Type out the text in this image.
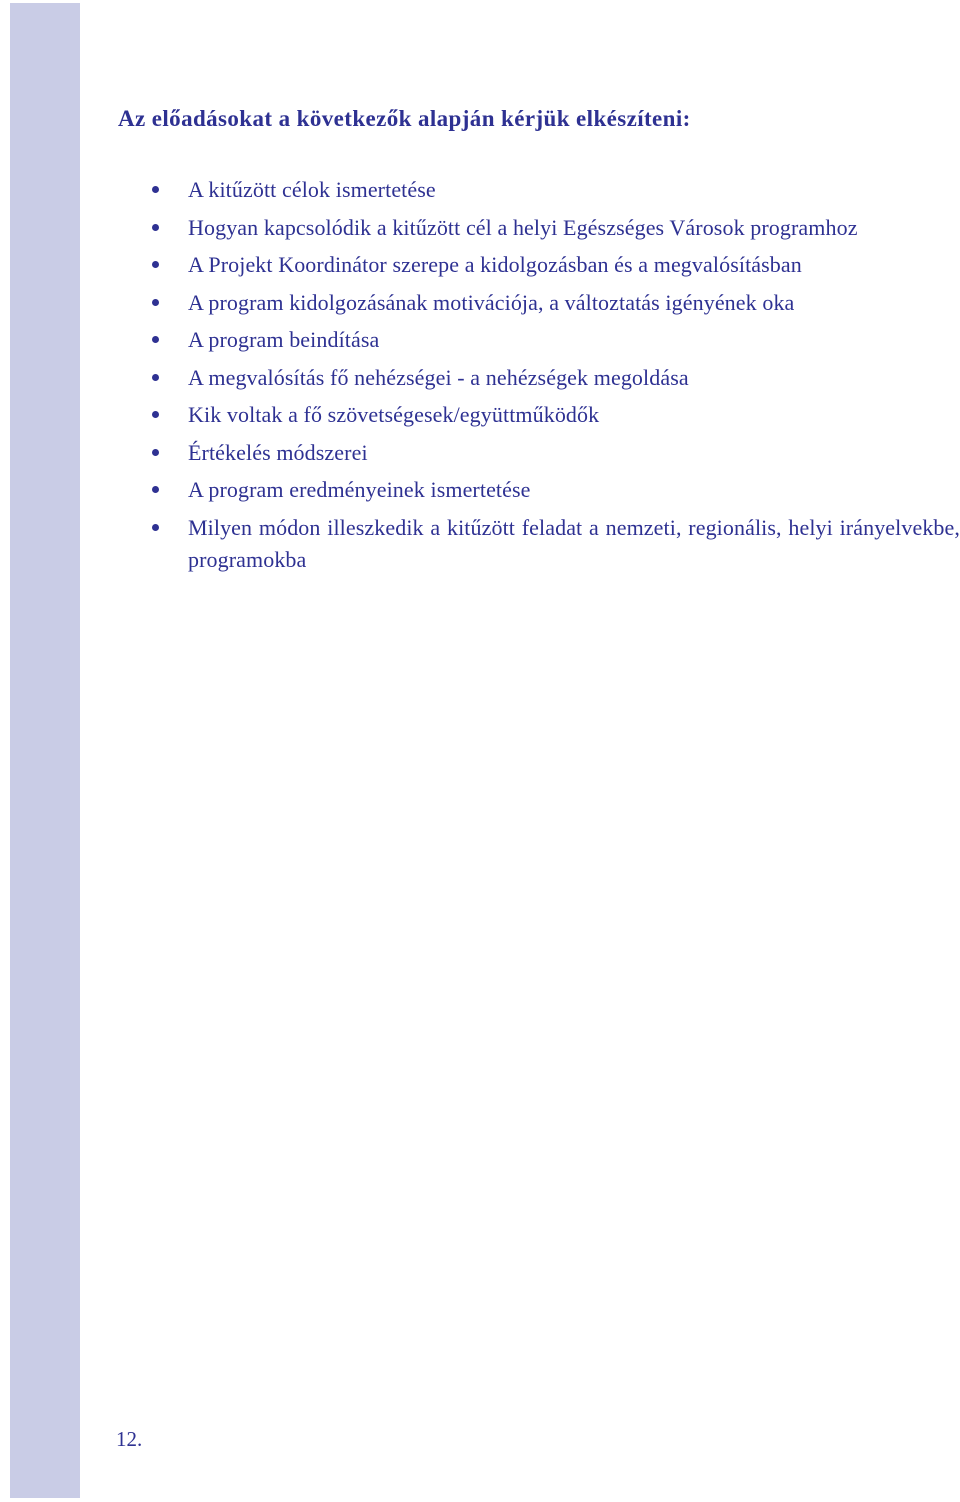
Az előadásokat a következők alapján kérjük elkészíteni:
A kitűzött célok ismertetése
Hogyan kapcsolódik a kitűzött cél a helyi Egészséges Városok programhoz
A Projekt Koordinátor szerepe a kidolgozásban és a megvalósításban
A program kidolgozásának motivációja, a változtatás igényének oka
A program beindítása
A megvalósítás fő nehézségei - a nehézségek megoldása
Kik voltak a fő szövetségesek/együttműködők
Értékelés módszerei
A program eredményeinek ismertetése
Milyen módon illeszkedik a kitűzött feladat a nemzeti, regionális, helyi irányelvekbe, programokba
12.
